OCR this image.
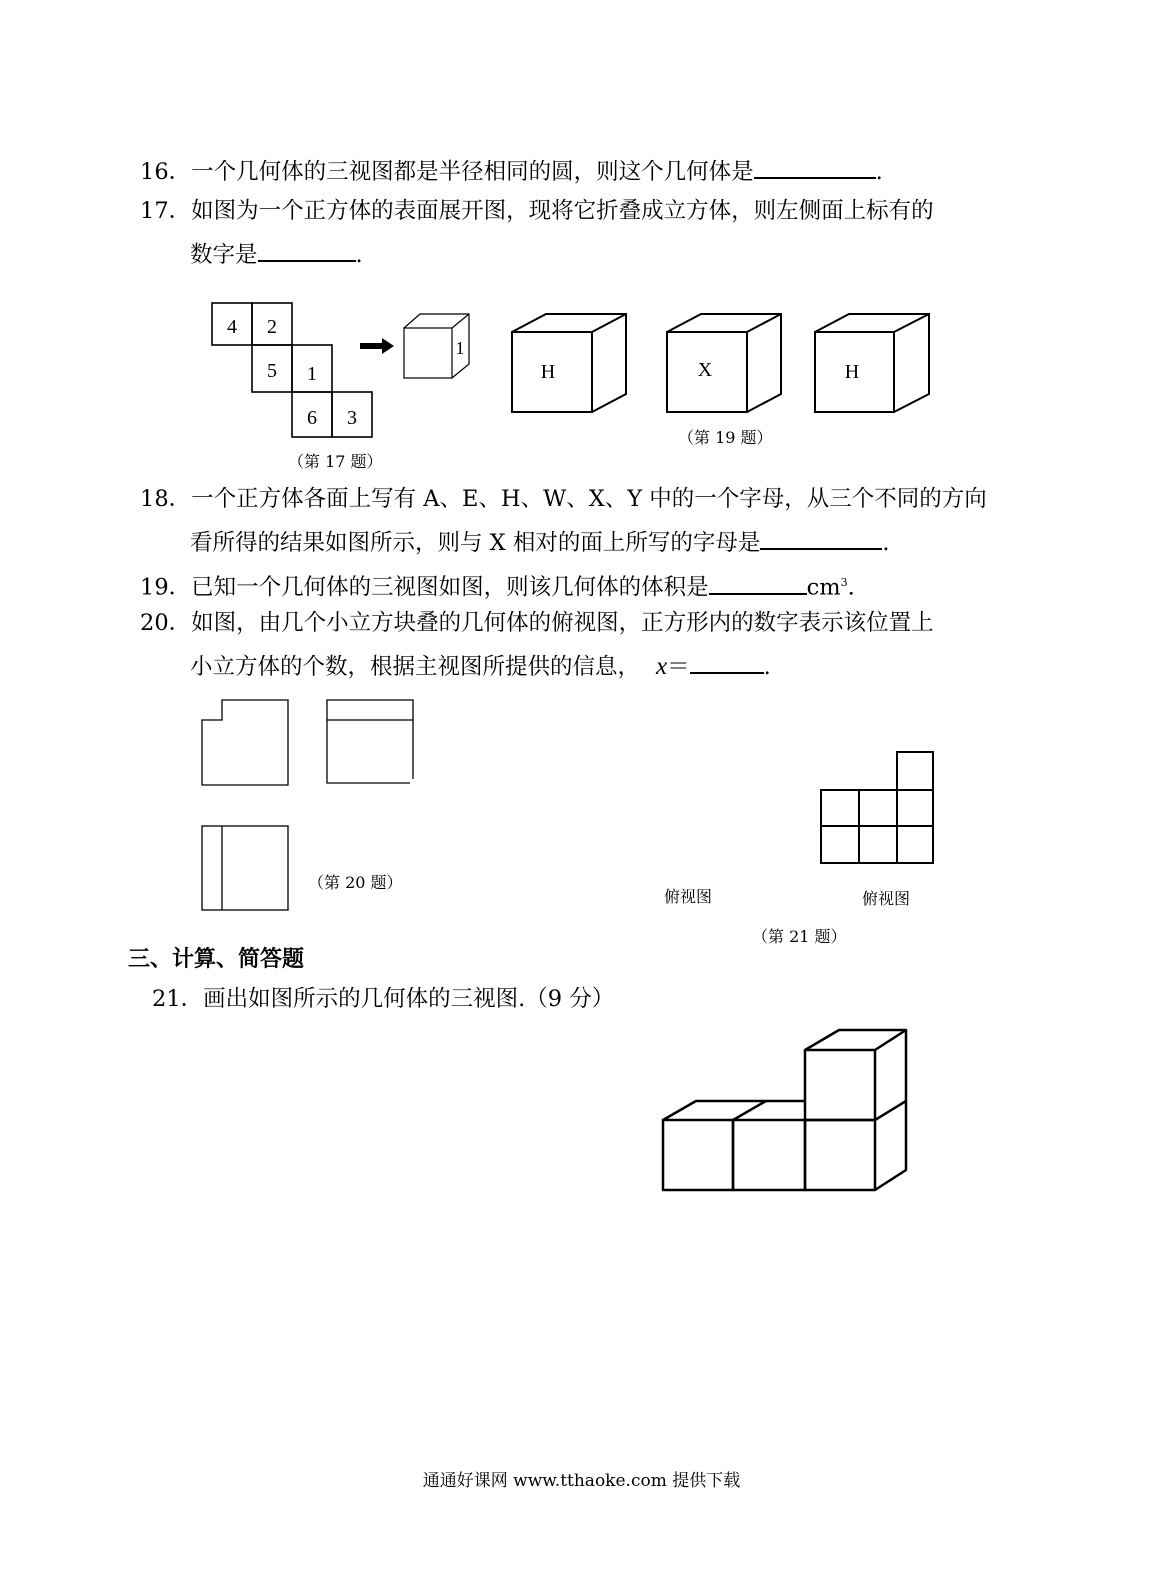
16．一个几何体的三视图都是半径相同的圆，则这个几何体是	.
17．如图为一个正方体的表面展开图，现将它折叠成立方体，则左侧面上标有的
数字是	.
4 2
5 1
6 3
1
H	X	H
（第 17 题）
（第 19 题）
18．一个正方体各面上写有 A、E、H、W、X、Y 中的一个字母，从三个不同的方向
看所得的结果如图所示，则与 X 相对的面上所写的字母是	.
19．已知一个几何体的三视图如图，则该几何体的体积是	$cm^3$.
20．如图，由几个小立方块叠的几何体的俯视图，正方形内的数字表示该位置上
小立方体的个数，根据主视图所提供的信息， x＝	.
（第 20 题）
俯视图	俯视图
（第 21 题）
三、计算、简答题
21．画出如图所示的几何体的三视图.（9 分）
通通好课网 www.tthaoke.com 提供下载
